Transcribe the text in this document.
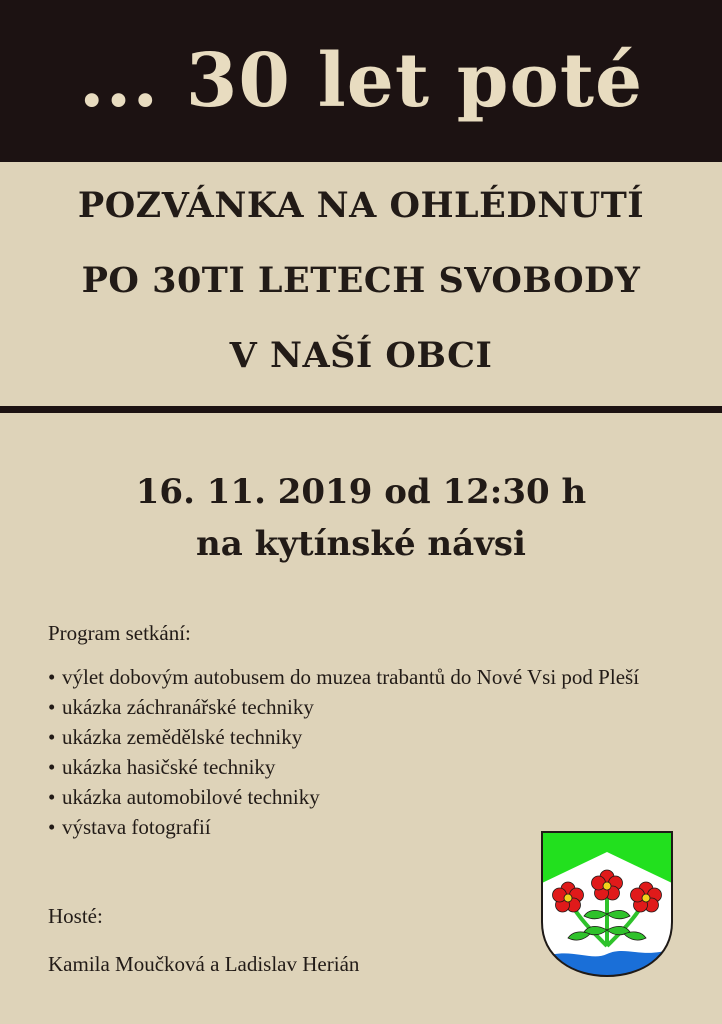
... 30 let poté
POZVÁNKA NA OHLÉDNUTÍ
PO 30TI LETECH SVOBODY
V NAŠÍ OBCI
16. 11. 2019 od 12:30 h
na kytínské návsi
Program setkání:
• výlet dobovým autobusem do muzea trabantů do Nové Vsi pod Pleší
• ukázka záchranářské techniky
• ukázka zemědělské techniky
• ukázka hasičské techniky
• ukázka automobilové techniky
• výstava fotografií
Hosté:
Kamila Moučková a Ladislav Herián
